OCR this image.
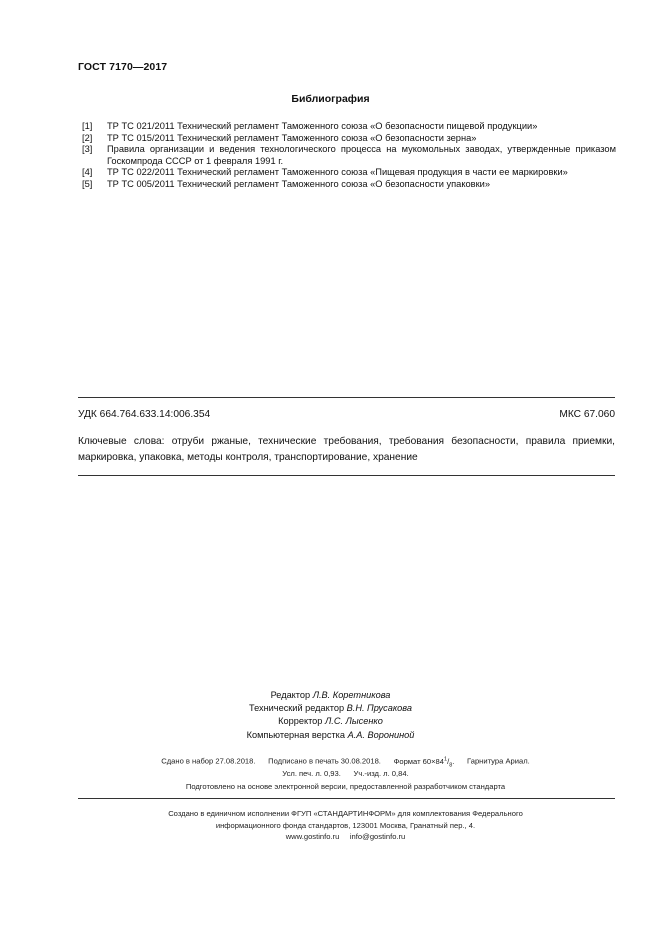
ГОСТ 7170—2017
Библиография
[1]	ТР ТС 021/2011 Технический регламент Таможенного союза «О безопасности пищевой продукции»
[2]	ТР ТС 015/2011 Технический регламент Таможенного союза «О безопасности зерна»
[3]	Правила организации и ведения технологического процесса на мукомольных заводах, утвержденные приказом Госкомпрода СССР от 1 февраля 1991 г.
[4]	ТР ТС 022/2011 Технический регламент Таможенного союза «Пищевая продукция в части ее маркировки»
[5]	ТР ТС 005/2011 Технический регламент Таможенного союза «О безопасности упаковки»
УДК 664.764.633.14:006.354	МКС 67.060
Ключевые слова: отруби ржаные, технические требования, требования безопасности, правила приемки, маркировка, упаковка, методы контроля, транспортирование, хранение
Редактор Л.В. Коретникова
Технический редактор В.Н. Прусакова
Корректор Л.С. Лысенко
Компьютерная верстка А.А. Ворониной
Сдано в набор 27.08.2018. Подписано в печать 30.08.2018. Формат $60\times 84^1/_8$. Гарнитура Ариал.
Усл. печ. л. 0,93. Уч.-изд. л. 0,84.
Подготовлено на основе электронной версии, предоставленной разработчиком стандарта
Создано в единичном исполнении ФГУП «СТАНДАРТИНФОРМ» для комплектования Федерального
информационного фонда стандартов, 123001 Москва, Гранатный пер., 4.
www.gostinfo.ru info@gostinfo.ru
